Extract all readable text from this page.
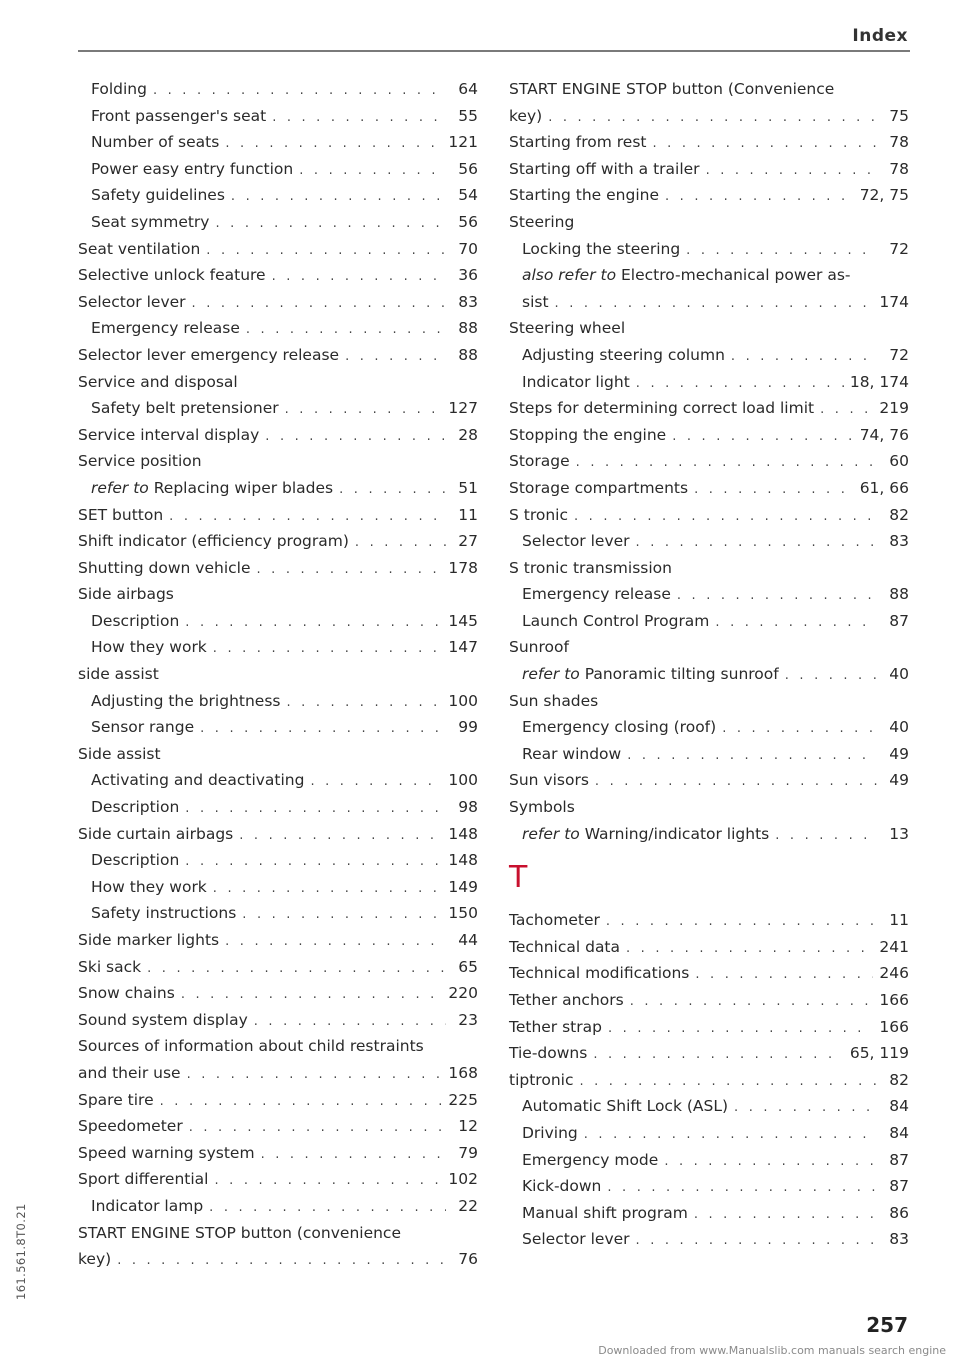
Index
Folding . . .	64
Front passenger's seat . . .	55
Number of seats . . .	121
Power easy entry function . . .	56
Safety guidelines . . .	54
Seat symmetry . . .	56
Seat ventilation . . .	70
Selective unlock feature . . .	36
Selector lever . . .	83
Emergency release . . .	88
Selector lever emergency release . . .	88
Service and disposal
Safety belt pretensioner . . .	127
Service interval display . . .	28
Service position
refer to Replacing wiper blades . . .	51
SET button . . .	11
Shift indicator (efficiency program) . . .	27
Shutting down vehicle . . .	178
Side airbags
Description . . .	145
How they work . . .	147
side assist
Adjusting the brightness . . .	100
Sensor range . . .	99
Side assist
Activating and deactivating . . .	100
Description . . .	98
Side curtain airbags . . .	148
Description . . .	148
How they work . . .	149
Safety instructions . . .	150
Side marker lights . . .	44
Ski sack . . .	65
Snow chains . . .	220
Sound system display . . .	23
Sources of information about child restraints
and their use . . .	168
Spare tire . . .	225
Speedometer . . .	12
Speed warning system . . .	79
Sport differential . . .	102
Indicator lamp . . .	22
START ENGINE STOP button (convenience
key) . . .	76
START ENGINE STOP button (Convenience
key) . . .	75
Starting from rest . . .	78
Starting off with a trailer . . .	78
Starting the engine . . .	72, 75
Steering
Locking the steering . . .	72
also refer to Electro-mechanical power as-
sist . . .	174
Steering wheel
Adjusting steering column . . .	72
Indicator light . . .	18, 174
Steps for determining correct load limit . . .	219
Stopping the engine . . .	74, 76
Storage . . .	60
Storage compartments . . .	61, 66
S tronic . . .	82
Selector lever . . .	83
S tronic transmission
Emergency release . . .	88
Launch Control Program . . .	87
Sunroof
refer to Panoramic tilting sunroof . . .	40
Sun shades
Emergency closing (roof) . . .	40
Rear window . . .	49
Sun visors . . .	49
Symbols
refer to Warning/indicator lights . . .	13
T
Tachometer . . .	11
Technical data . . .	241
Technical modifications . . .	246
Tether anchors . . .	166
Tether strap . . .	166
Tie-downs . . .	65, 119
tiptronic . . .	82
Automatic Shift Lock (ASL) . . .	84
Driving . . .	84
Emergency mode . . .	87
Kick-down . . .	87
Manual shift program . . .	86
Selector lever . . .	83
161.561.8T0.21
257
Downloaded from www.Manualslib.com manuals search engine
